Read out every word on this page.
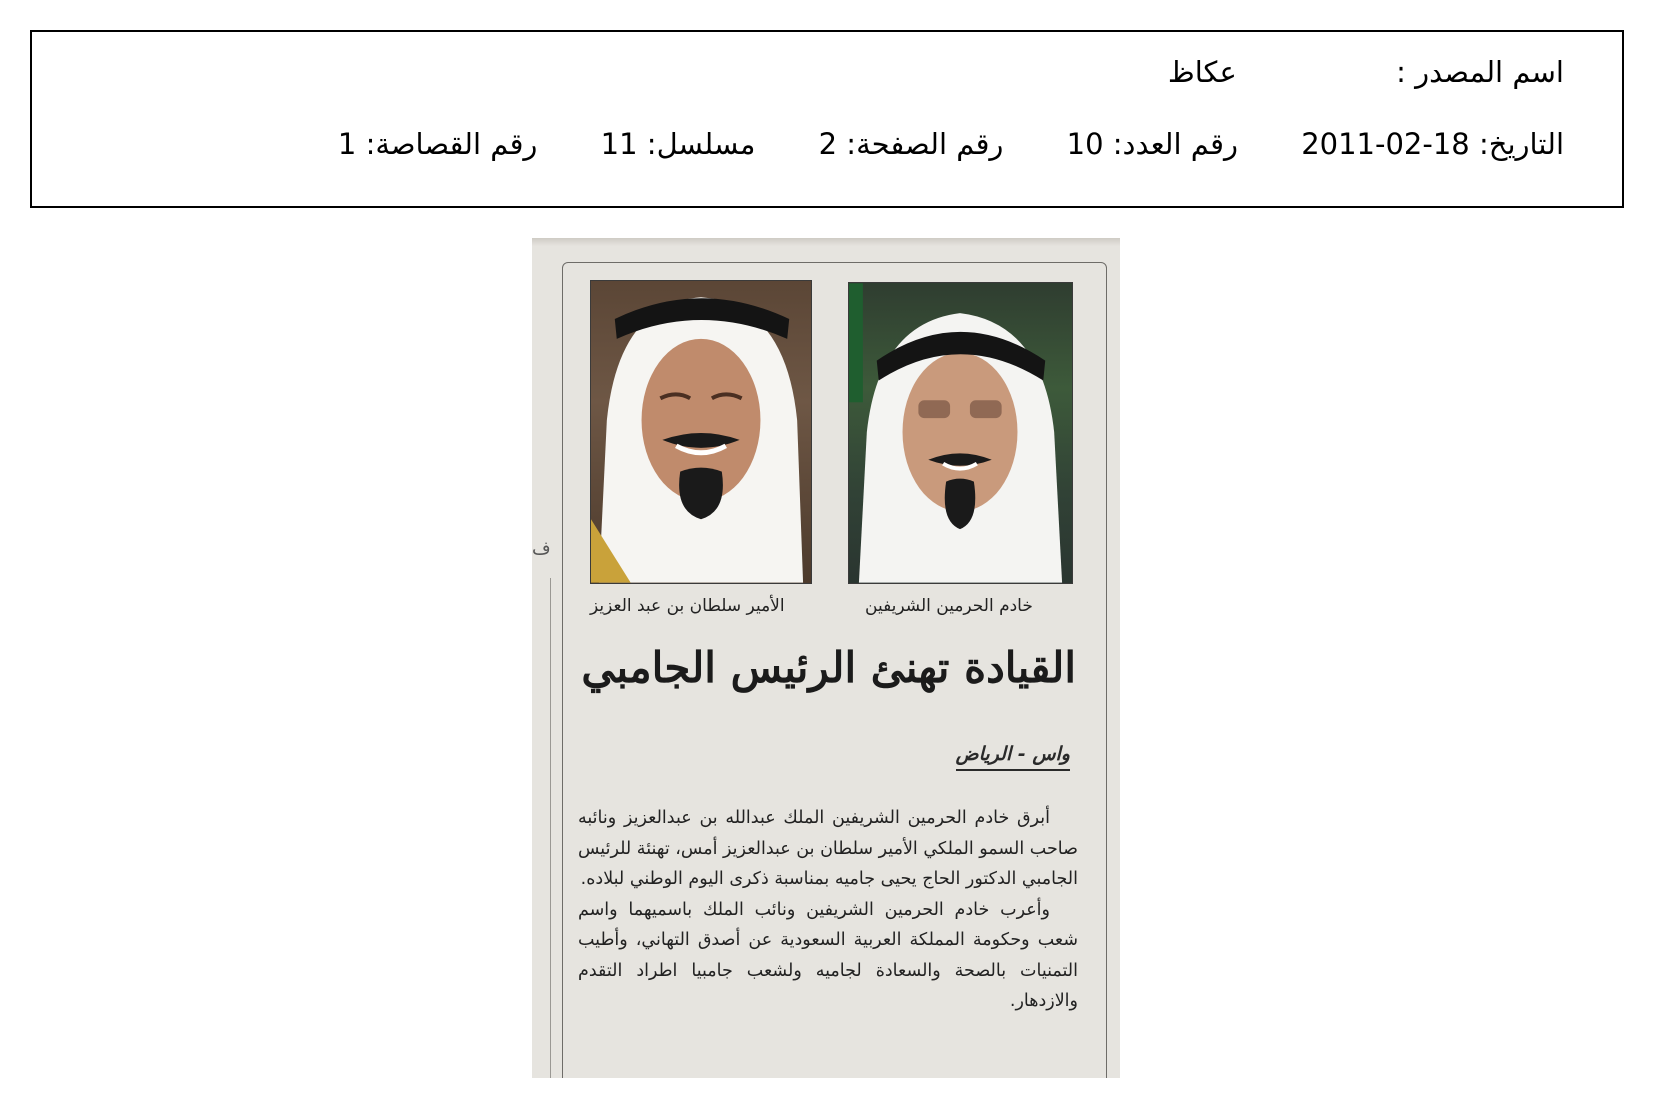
اسم المصدر : عكاظ
التاريخ: 2011-02-18 رقم العدد: 10 رقم الصفحة: 2 مسلسل: 11 رقم القصاصة: 1
ف
خادم الحرمين الشريفين
الأمير سلطان بن عبد العزيز
القيادة تهنئ الرئيس الجامبي
واس - الرياض

أبرق خادم الحرمين الشريفين الملك عبدالله بن عبدالعزيز ونائبه صاحب السمو الملكي الأمير سلطان بن عبدالعزيز أمس، تهنئة للرئيس الجامبي الدكتور الحاج يحيى جاميه بمناسبة ذكرى اليوم الوطني لبلاده.

وأعرب خادم الحرمين الشريفين ونائب الملك باسميهما واسم شعب وحكومة المملكة العربية السعودية عن أصدق التهاني، وأطيب التمنيات بالصحة والسعادة لجاميه ولشعب جامبيا اطراد التقدم والازدهار.
